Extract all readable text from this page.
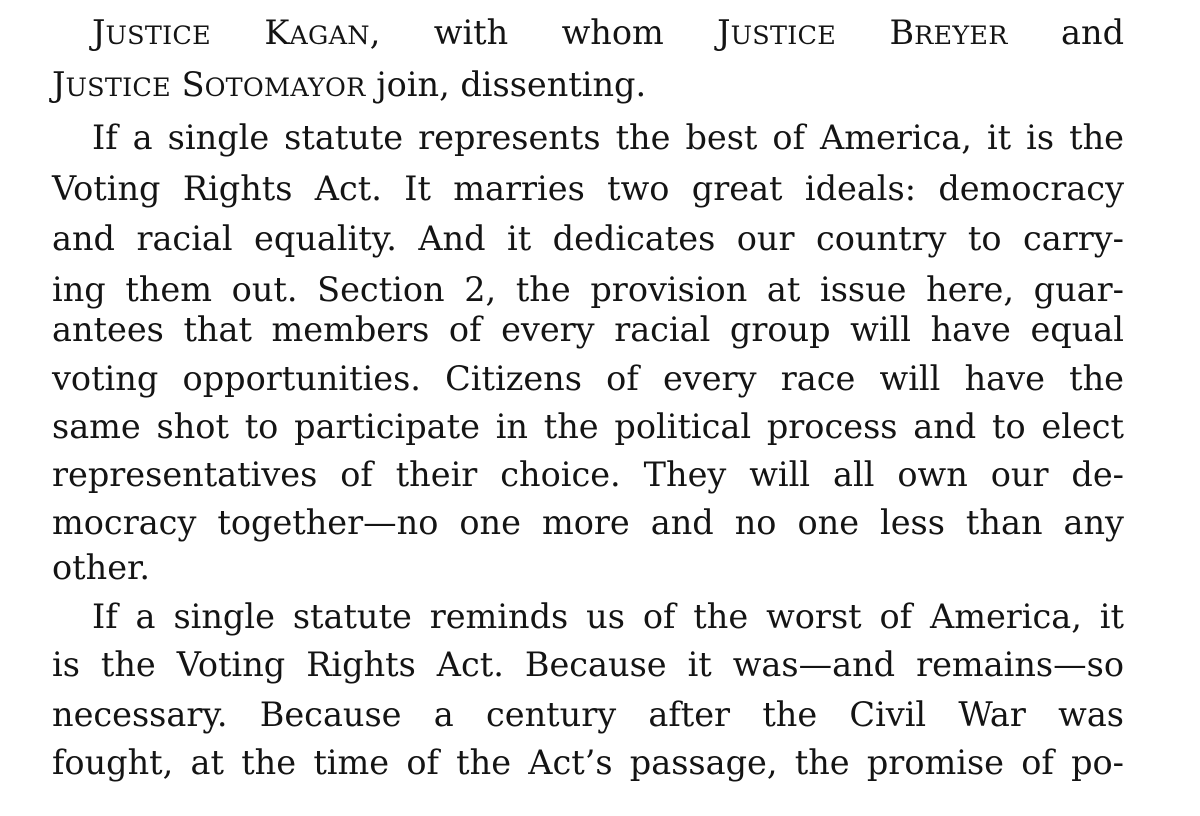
JUSTICE KAGAN, with whom JUSTICE BREYER and
JUSTICE SOTOMAYOR join, dissenting.
If a single statute represents the best of America, it is the
Voting Rights Act. It marries two great ideals: democracy
and racial equality. And it dedicates our country to carry-
ing them out. Section 2, the provision at issue here, guar-
antees that members of every racial group will have equal
voting opportunities. Citizens of every race will have the
same shot to participate in the political process and to elect
representatives of their choice. They will all own our de-
mocracy together—no one more and no one less than any
other.
If a single statute reminds us of the worst of America, it
is the Voting Rights Act. Because it was—and remains—so
necessary. Because a century after the Civil War was
fought, at the time of the Act’s passage, the promise of po-
